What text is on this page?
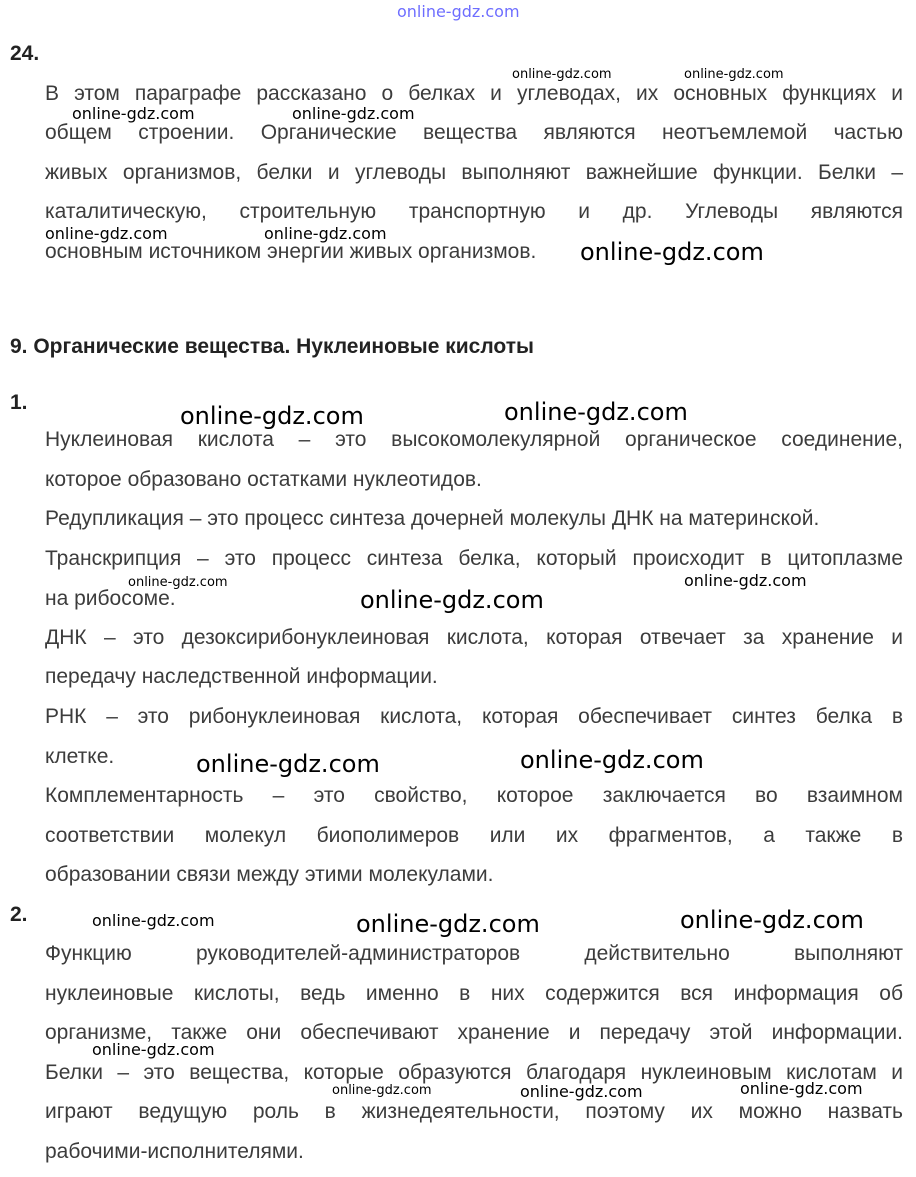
online-gdz.com
24.
В этом параграфе рассказано о белках и углеводах, их основных функциях и
общем строении. Органические вещества являются неотъемлемой частью
живых организмов, белки и углеводы выполняют важнейшие функции. Белки –
каталитическую, строительную транспортную и др. Углеводы являются
основным источником энергии живых организмов.
9. Органические вещества. Нуклеиновые кислоты
1.
Нуклеиновая кислота – это высокомолекулярной органическое соединение,
которое образовано остатками нуклеотидов.
Редупликация – это процесс синтеза дочерней молекулы ДНК на материнской.
Транскрипция – это процесс синтеза белка, который происходит в цитоплазме
на рибосоме.
ДНК – это дезоксирибонуклеиновая кислота, которая отвечает за хранение и
передачу наследственной информации.
РНК – это рибонуклеиновая кислота, которая обеспечивает синтез белка в
клетке.
Комплементарность – это свойство, которое заключается во взаимном
соответствии молекул биополимеров или их фрагментов, а также в
образовании связи между этими молекулами.
2.
Функцию руководителей-администраторов действительно выполняют
нуклеиновые кислоты, ведь именно в них содержится вся информация об
организме, также они обеспечивают хранение и передачу этой информации.
Белки – это вещества, которые образуются благодаря нуклеиновым кислотам и
играют ведущую роль в жизнедеятельности, поэтому их можно назвать
рабочими-исполнителями.
online-gdz.com	online-gdz.com
online-gdz.com	online-gdz.com
online-gdz.com	online-gdz.com
online-gdz.com
online-gdz.com	online-gdz.com
online-gdz.com	online-gdz.com
online-gdz.com
online-gdz.com	online-gdz.com
online-gdz.com	online-gdz.com	online-gdz.com
online-gdz.com
online-gdz.com	online-gdz.com	online-gdz.com
